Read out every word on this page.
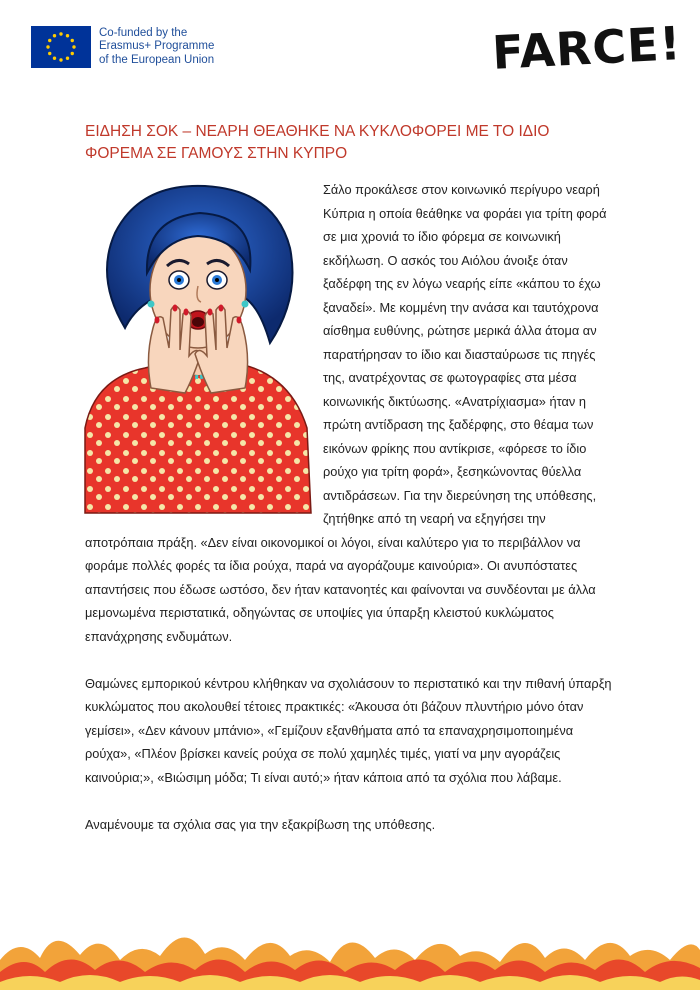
Co-funded by the
Erasmus+ Programme
of the European Union	FARCE!
ΕΙΔΗΣΗ ΣΟΚ – ΝΕΑΡΗ ΘΕΑΘΗΚΕ ΝΑ ΚΥΚΛΟΦΟΡΕΙ ΜΕ ΤΟ ΙΔΙΟ
ΦΟΡΕΜΑ ΣΕ ΓΑΜΟΥΣ ΣΤΗΝ ΚΥΠΡΟ

Σάλο προκάλεσε στον κοινωνικό περίγυρο νεαρή Κύπρια η οποία θεάθηκε να φοράει για τρίτη φορά σε μια χρονιά το ίδιο φόρεμα σε κοινωνική εκδήλωση. Ο ασκός του Αιόλου άνοιξε όταν ξαδέρφη της εν λόγω νεαρής είπε «κάπου το έχω ξαναδεί». Με κομμένη την ανάσα και ταυτόχρονα αίσθημα ευθύνης, ρώτησε μερικά άλλα άτομα αν παρατήρησαν το ίδιο και διασταύρωσε τις πηγές της, ανατρέχοντας σε φωτογραφίες στα μέσα κοινωνικής δικτύωσης. «Ανατρίχιασμα» ήταν η πρώτη αντίδραση της ξαδέρφης, στο θέαμα των εικόνων φρίκης που αντίκρισε, «φόρεσε το ίδιο ρούχο για τρίτη φορά», ξεσηκώνοντας θύελλα αντιδράσεων. Για την διερεύνηση της υπόθεσης, ζητήθηκε από τη νεαρή να εξηγήσει την αποτρόπαια πράξη. «Δεν είναι οικονομικοί οι λόγοι, είναι καλύτερο για το περιβάλλον να φοράμε πολλές φορές τα ίδια ρούχα, παρά να αγοράζουμε καινούρια». Οι ανυπόστατες απαντήσεις που έδωσε ωστόσο, δεν ήταν κατανοητές και φαίνονται να συνδέονται με άλλα μεμονωμένα περιστατικά, οδηγώντας σε υποψίες για ύπαρξη κλειστού κυκλώματος επανάχρησης ενδυμάτων.

Θαμώνες εμπορικού κέντρου κλήθηκαν να σχολιάσουν το περιστατικό και την πιθανή ύπαρξη κυκλώματος που ακολουθεί τέτοιες πρακτικές: «Άκουσα ότι βάζουν πλυντήριο μόνο όταν γεμίσει», «Δεν κάνουν μπάνιο», «Γεμίζουν εξανθήματα από τα επαναχρησιμοποιημένα ρούχα», «Πλέον βρίσκει κανείς ρούχα σε πολύ χαμηλές τιμές, γιατί να μην αγοράζεις καινούρια;», «Βιώσιμη μόδα; Τι είναι αυτό;» ήταν κάποια από τα σχόλια που λάβαμε.

Αναμένουμε τα σχόλια σας για την εξακρίβωση της υπόθεσης.
